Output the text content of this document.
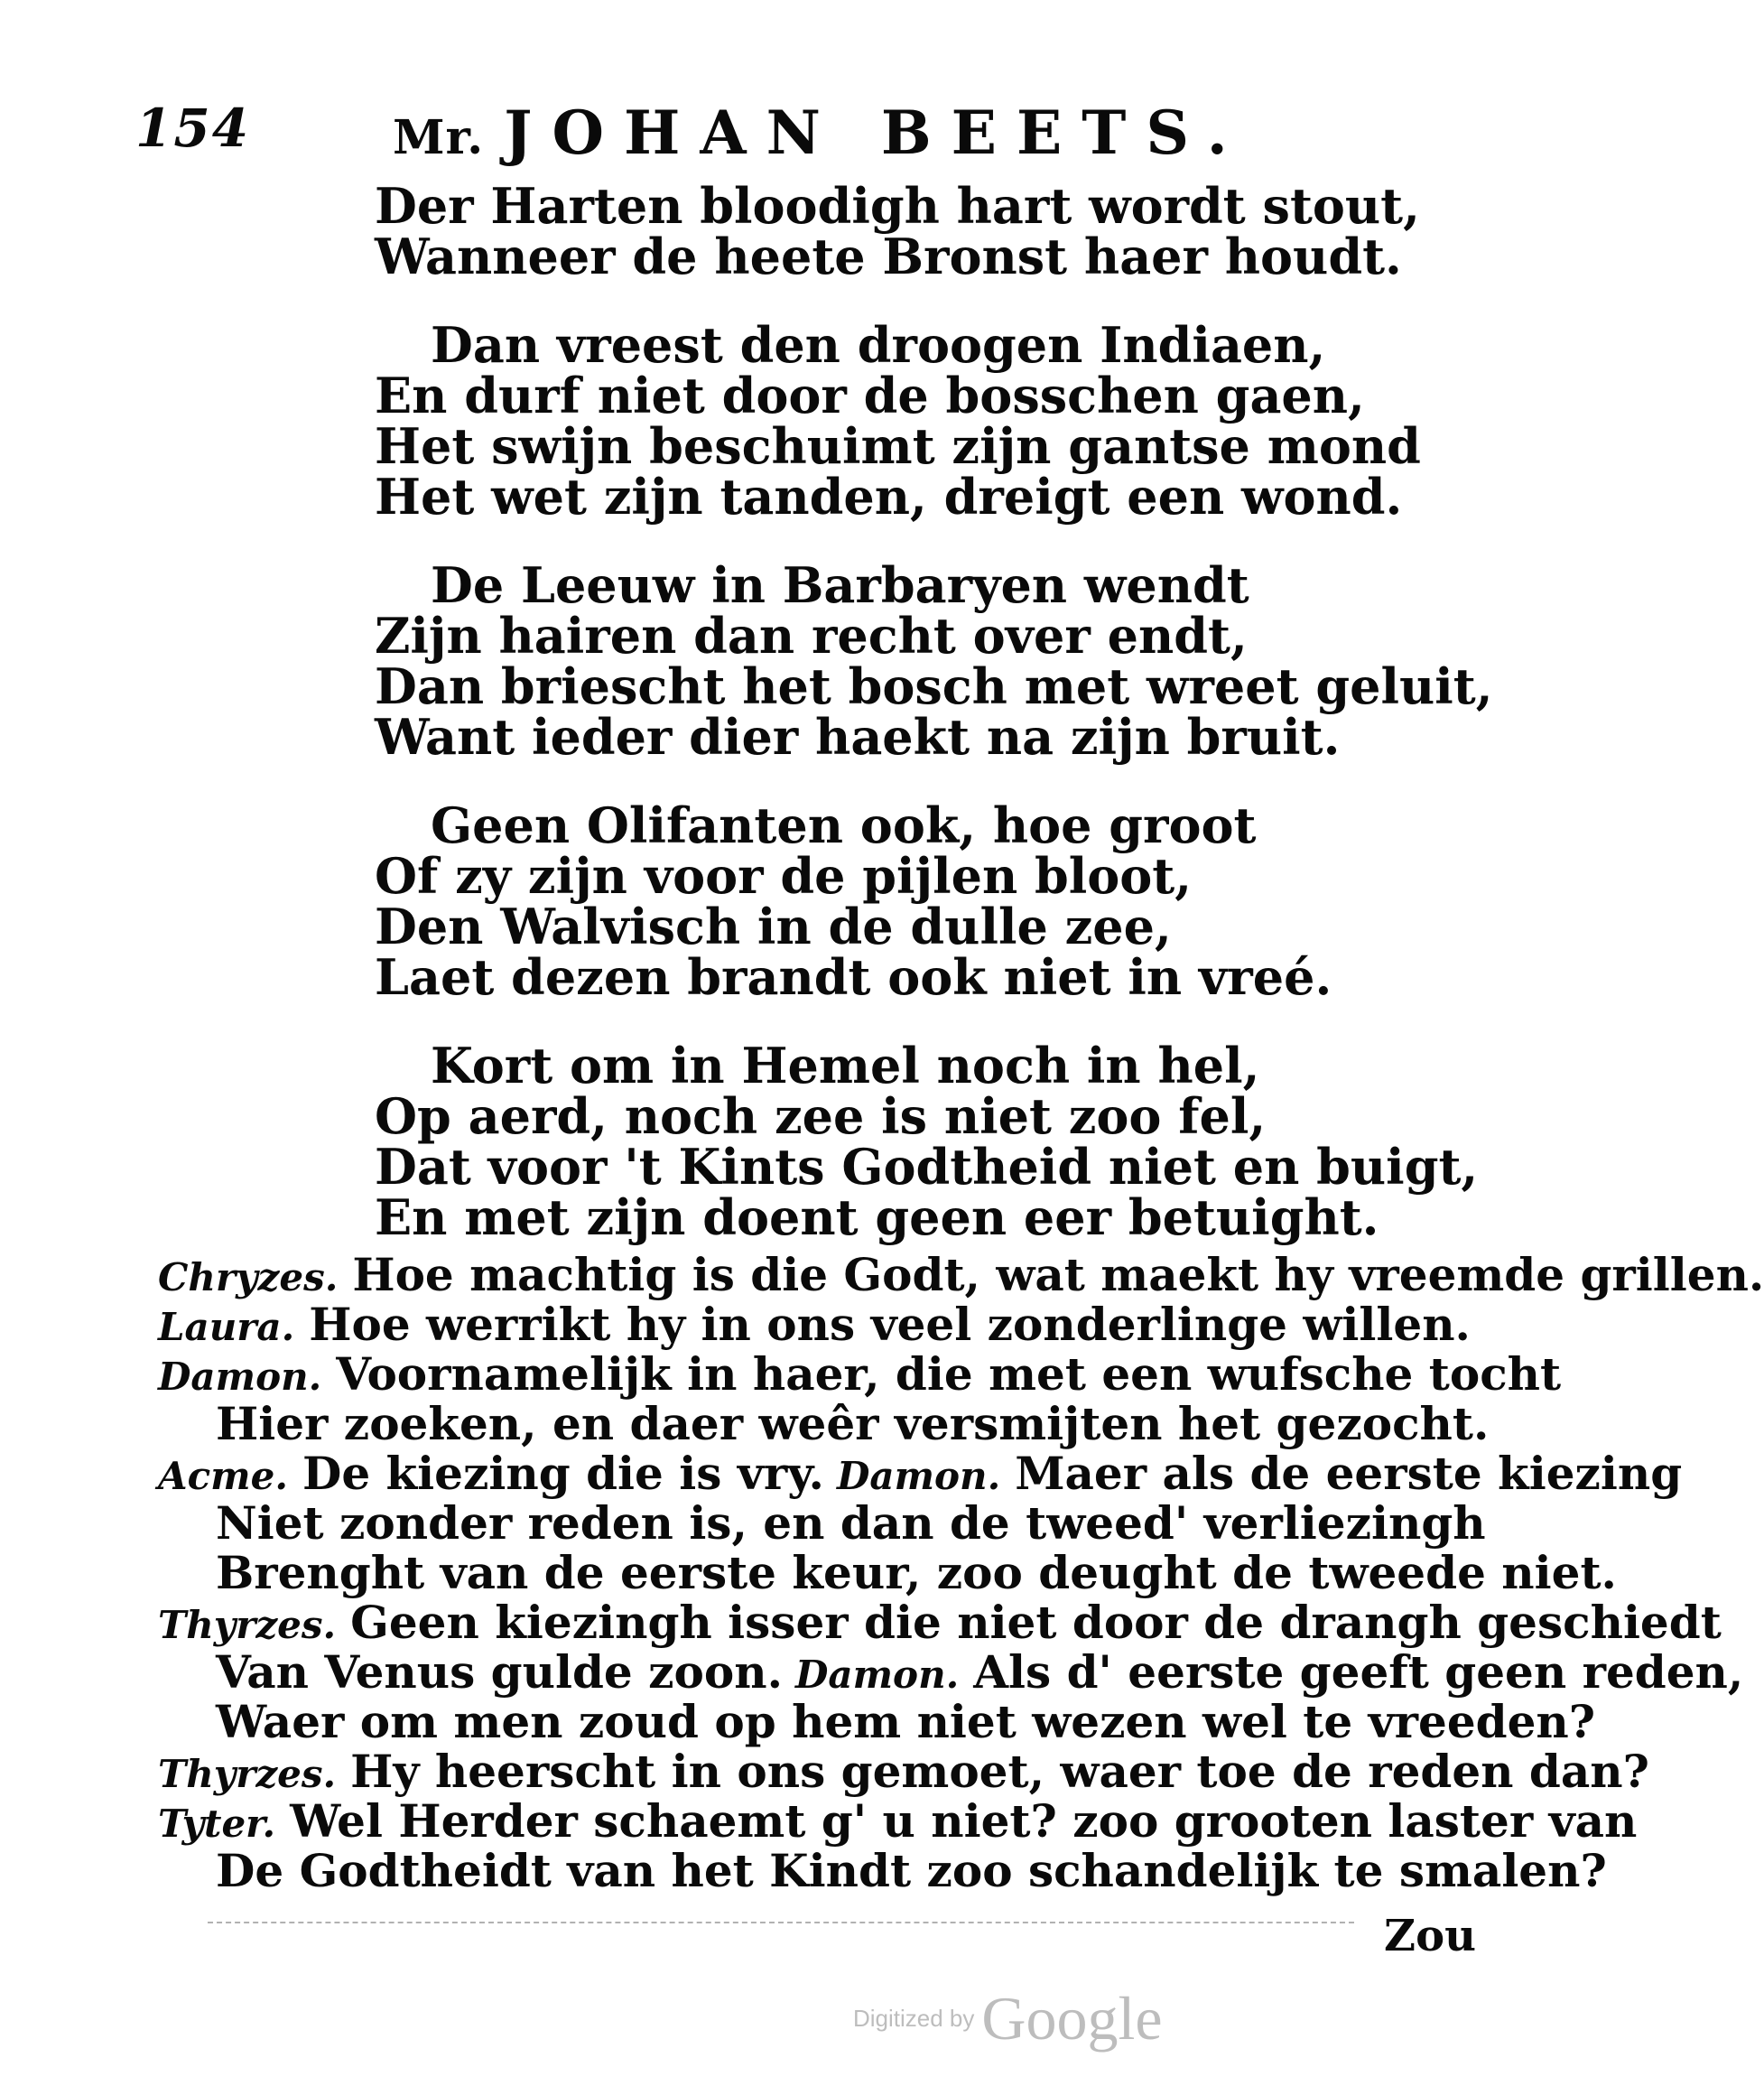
154	Mr. JOHAN BEETS.
Der Harten bloodigh hart wordt stout,
Wanneer de heete Bronst haer houdt.
Dan vreest den droogen Indiaen,
En durf niet door de bosschen gaen,
Het swijn beschuimt zijn gantse mond
Het wet zijn tanden, dreigt een wond.
De Leeuw in Barbaryen wendt
Zijn hairen dan recht over endt,
Dan briescht het bosch met wreet geluit,
Want ieder dier haekt na zijn bruit.
Geen Olifanten ook, hoe groot
Of zy zijn voor de pijlen bloot,
Den Walvisch in de dulle zee,
Laet dezen brandt ook niet in vreé.
Kort om in Hemel noch in hel,
Op aerd, noch zee is niet zoo fel,
Dat voor 't Kints Godtheid niet en buigt,
En met zijn doent geen eer betuight.
Chryzes. Hoe machtig is die Godt, wat maekt hy vreemde grillen.
Laura. Hoe werrikt hy in ons veel zonderlinge willen.
Damon. Voornamelijk in haer, die met een wufsche tocht
Hier zoeken, en daer weêr versmijten het gezocht.
Acme. De kiezing die is vry. Damon. Maer als de eerste kiezing
Niet zonder reden is, en dan de tweed' verliezingh
Brenght van de eerste keur, zoo deught de tweede niet.
Thyrzes. Geen kiezingh isser die niet door de drangh geschiedt
Van Venus gulde zoon. Damon. Als d' eerste geeft geen reden,
Waer om men zoud op hem niet wezen wel te vreeden?
Thyrzes. Hy heerscht in ons gemoet, waer toe de reden dan?
Tyter. Wel Herder schaemt g' u niet? zoo grooten laster van
De Godtheidt van het Kindt zoo schandelijk te smalen?
Zou
Digitized by Google
